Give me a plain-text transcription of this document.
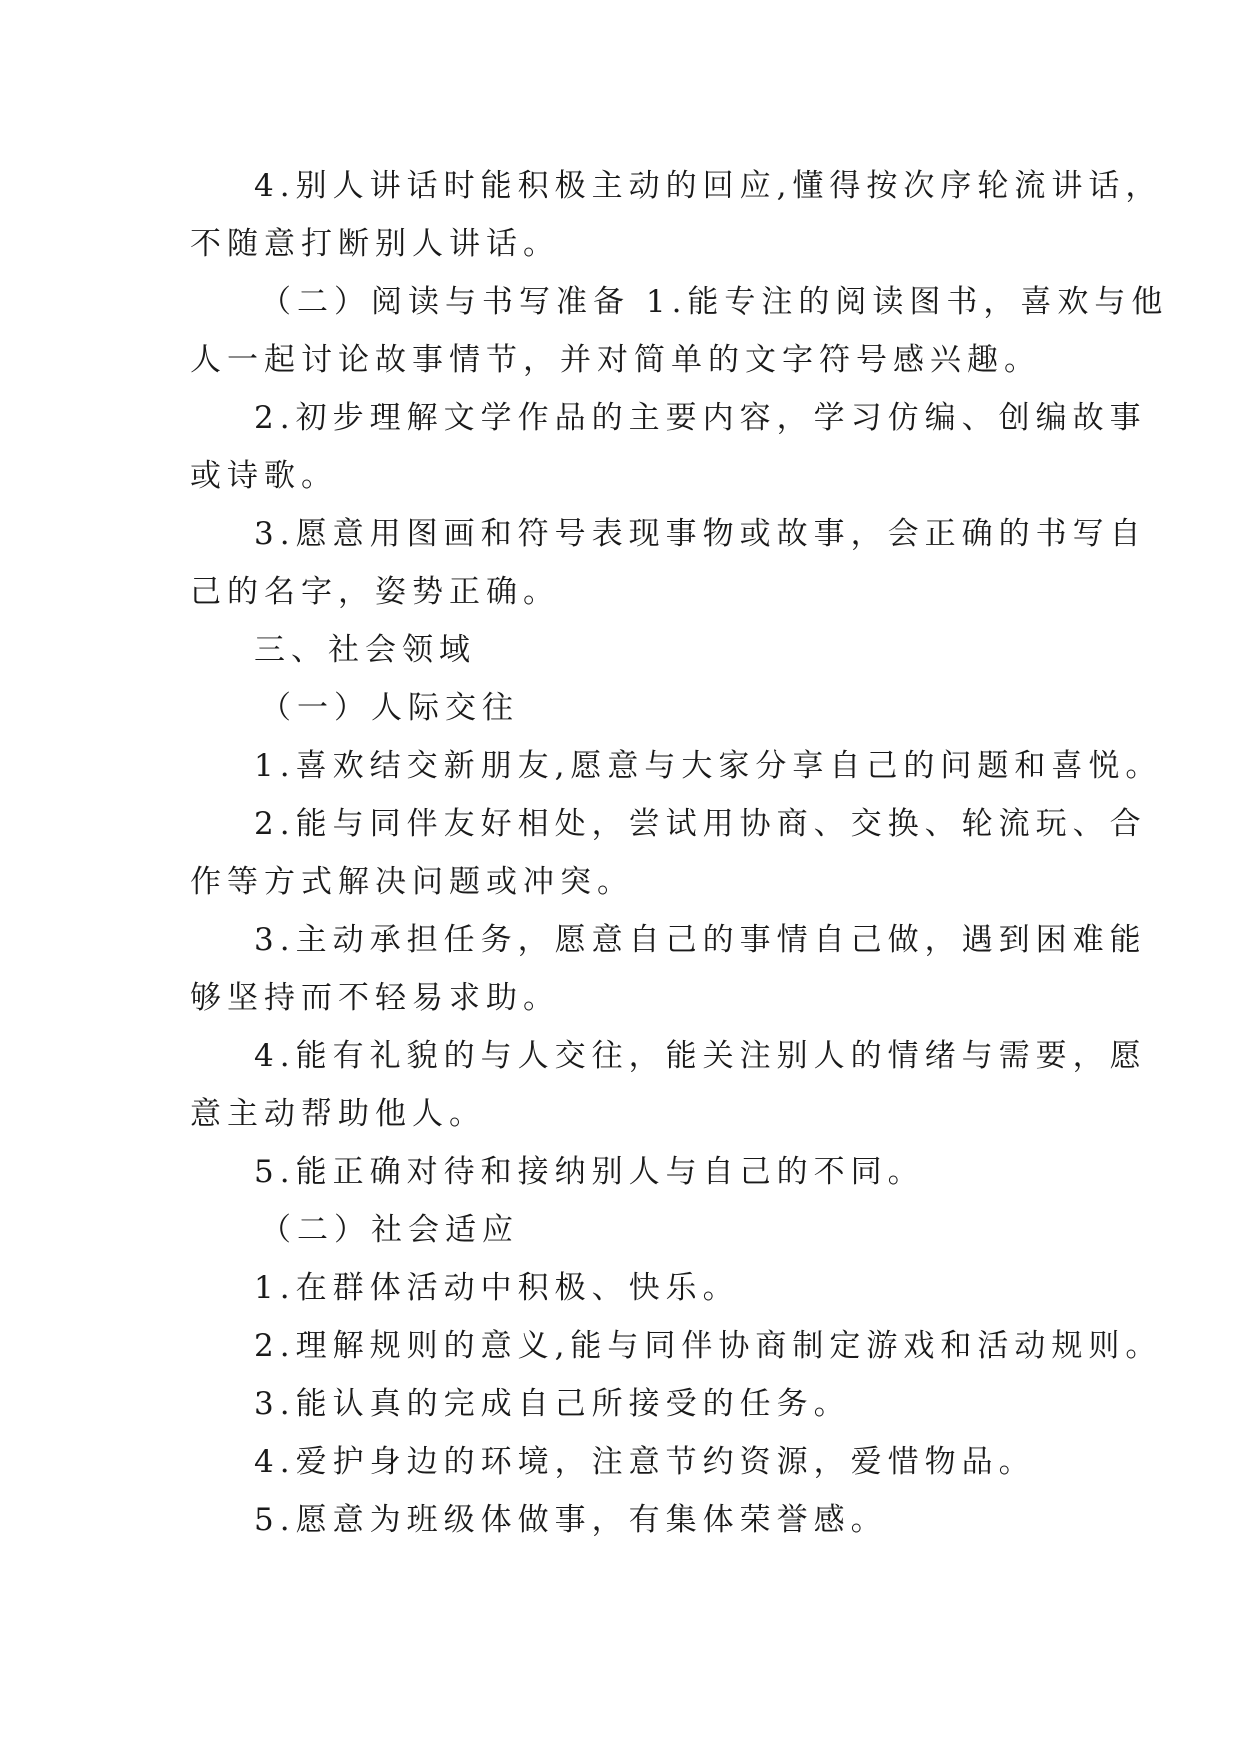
4.别人讲话时能积极主动的回应,懂得按次序轮流讲话，

不随意打断别人讲话。

（二）阅读与书写准备 1.能专注的阅读图书，喜欢与他

人一起讨论故事情节，并对简单的文字符号感兴趣。

2.初步理解文学作品的主要内容，学习仿编、创编故事

或诗歌。

3.愿意用图画和符号表现事物或故事，会正确的书写自

己的名字，姿势正确。

三、社会领域

（一）人际交往

1.喜欢结交新朋友,愿意与大家分享自己的问题和喜悦。

2.能与同伴友好相处，尝试用协商、交换、轮流玩、合

作等方式解决问题或冲突。

3.主动承担任务，愿意自己的事情自己做，遇到困难能

够坚持而不轻易求助。

4.能有礼貌的与人交往，能关注别人的情绪与需要，愿

意主动帮助他人。

5.能正确对待和接纳别人与自己的不同。

（二）社会适应

1.在群体活动中积极、快乐。

2.理解规则的意义,能与同伴协商制定游戏和活动规则。

3.能认真的完成自己所接受的任务。

4.爱护身边的环境，注意节约资源，爱惜物品。

5.愿意为班级体做事，有集体荣誉感。
